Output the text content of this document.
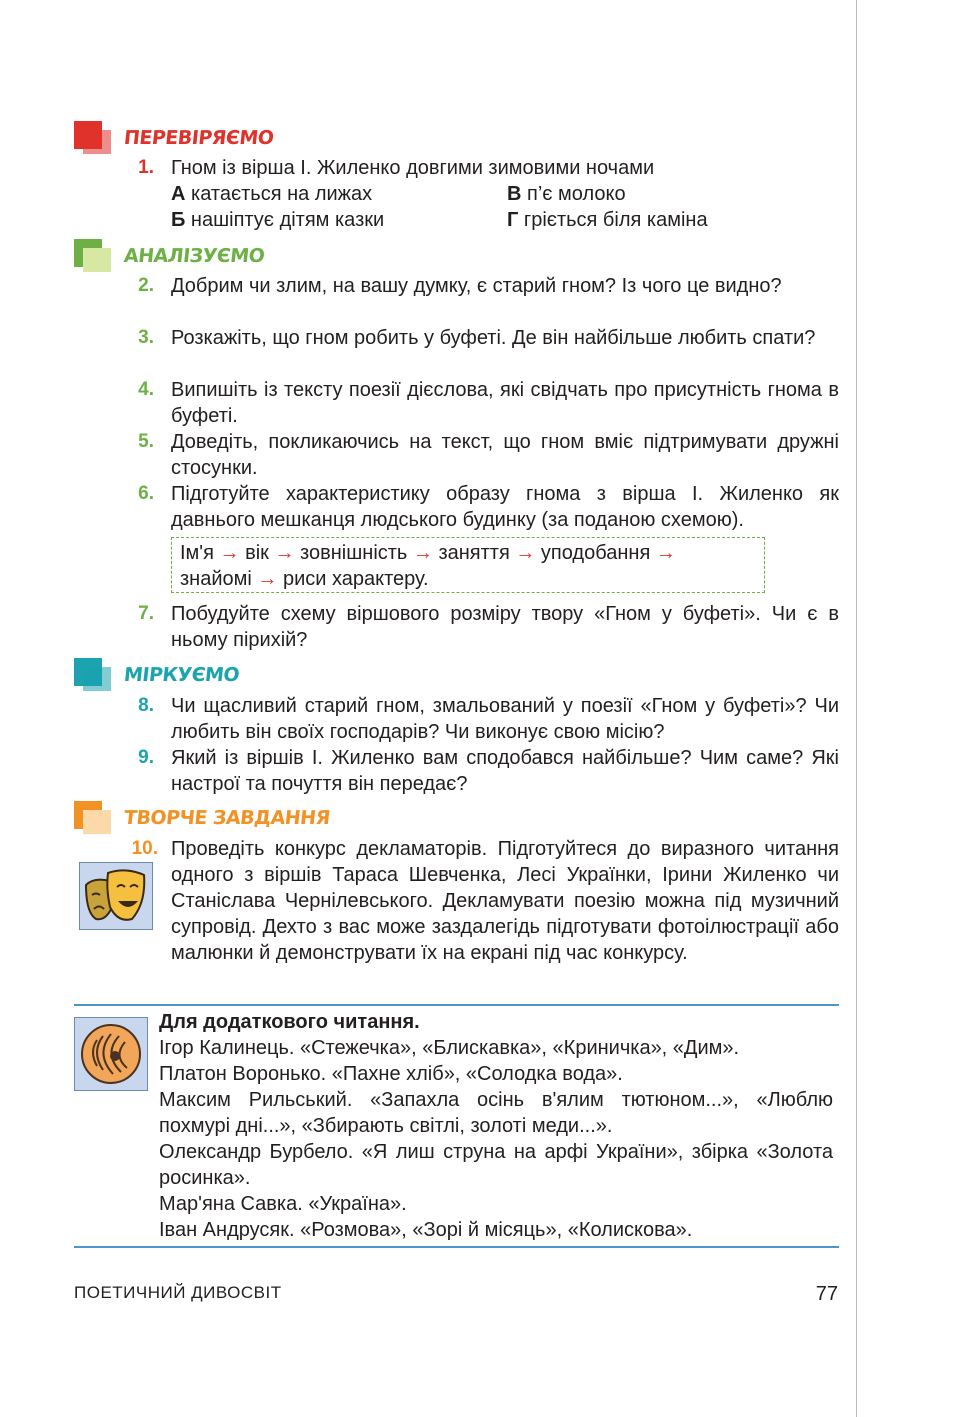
ПЕРЕВІРЯЄМО
1. Гном із вірша І. Жиленко довгими зимовими ночами
А катається на лижах	В п’є молоко
Б нашіптує дітям казки	Г гріється біля каміна
АНАЛІЗУЄМО
2. Добрим чи злим, на вашу думку, є старий гном? Із чого це видно?
3. Розкажіть, що гном робить у буфеті. Де він найбільше любить спати?
4. Випишіть із тексту поезії дієслова, які свідчать про присутність гнома в буфеті.
5. Доведіть, покликаючись на текст, що гном вміє підтримувати дружні стосунки.
6. Підготуйте характеристику образу гнома з вірша І. Жиленко як давнього мешканця людського будинку (за поданою схемою).
Ім'я → вік → зовнішність → заняття → уподобання →
знайомі → риси характеру.
7. Побудуйте схему віршового розміру твору «Гном у буфеті». Чи є в ньому пірихій?
МІРКУЄМО
8. Чи щасливий старий гном, змальований у поезії «Гном у буфеті»? Чи любить він своїх господарів? Чи виконує свою місію?
9. Який із віршів І. Жиленко вам сподобався найбільше? Чим саме? Які настрої та почуття він передає?
ТВОРЧЕ ЗАВДАННЯ
10. Проведіть конкурс декламаторів. Підготуйтеся до виразного читання одного з віршів Тараса Шевченка, Лесі Українки, Ірини Жиленко чи Станіслава Чернілевського. Декламувати поезію можна під музичний супровід. Дехто з вас може заздалегідь підготувати фотоілюстрації або малюнки й демонструвати їх на екрані під час конкурсу.
Для додаткового читання.
Ігор Калинець. «Стежечка», «Блискавка», «Криничка», «Дим».
Платон Воронько. «Пахне хліб», «Солодка вода».
Максим Рильський. «Запахла осінь в'ялим тютюном...», «Люблю похмурі дні...», «Збирають світлі, золоті меди...».
Олександр Бурбело. «Я лиш струна на арфі України», збірка «Золота росинка».
Мар'яна Савка. «Україна».
Іван Андрусяк. «Розмова», «Зорі й місяць», «Колискова».
ПОЕТИЧНИЙ ДИВОСВІТ	77
